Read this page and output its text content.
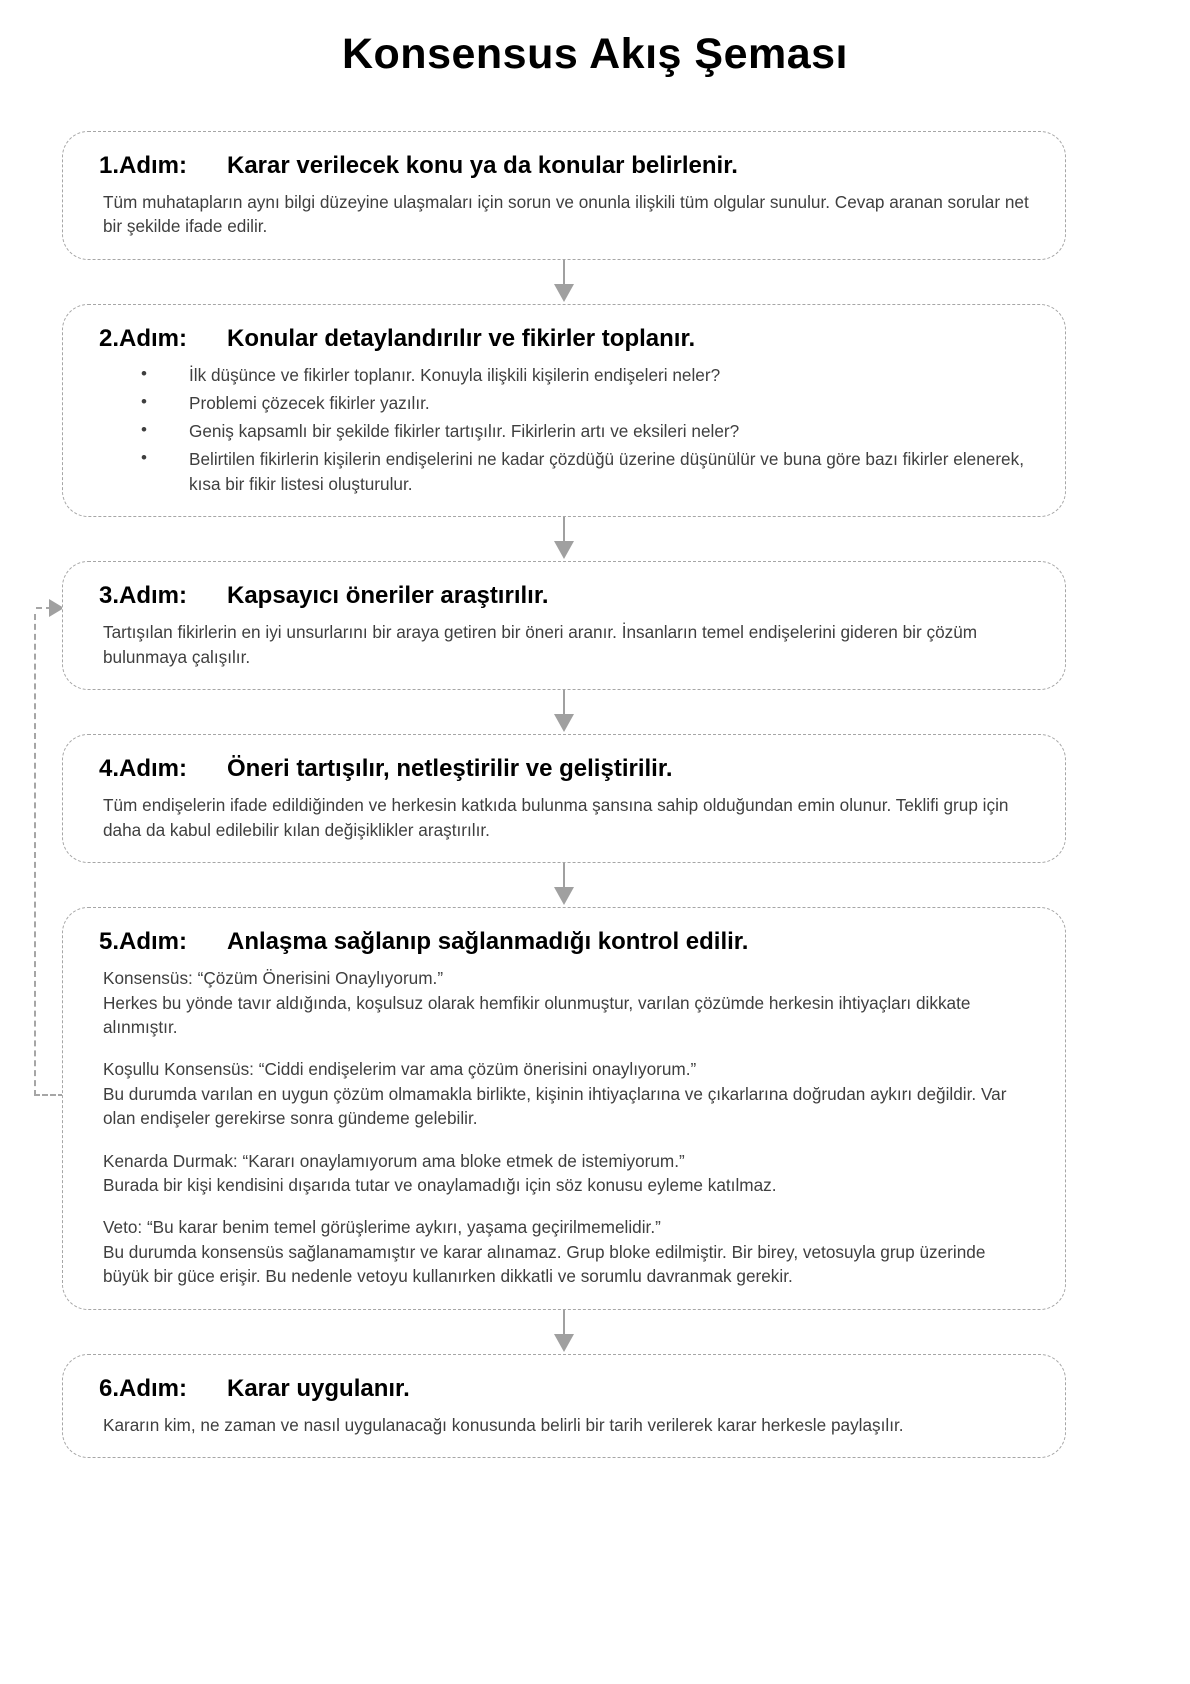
Konsensus Akış Şeması
1.Adım: Karar verilecek konu ya da konular belirlenir.

Tüm muhatapların aynı bilgi düzeyine ulaşmaları için sorun ve onunla ilişkili tüm olgular sunulur. Cevap aranan sorular net bir şekilde ifade edilir.

2.Adım: Konular detaylandırılır ve fikirler toplanır.
• İlk düşünce ve fikirler toplanır. Konuyla ilişkili kişilerin endişeleri neler?
• Problemi çözecek fikirler yazılır.
• Geniş kapsamlı bir şekilde fikirler tartışılır. Fikirlerin artı ve eksileri neler?
• Belirtilen fikirlerin kişilerin endişelerini ne kadar çözdüğü üzerine düşünülür ve buna göre bazı fikirler elenerek, kısa bir fikir listesi oluşturulur.
3.Adım: Kapsayıcı öneriler araştırılır.

Tartışılan fikirlerin en iyi unsurlarını bir araya getiren bir öneri aranır. İnsanların temel endişelerini gideren bir çözüm bulunmaya çalışılır.

4.Adım: Öneri tartışılır, netleştirilir ve geliştirilir.

Tüm endişelerin ifade edildiğinden ve herkesin katkıda bulunma şansına sahip olduğundan emin olunur. Teklifi grup için daha da kabul edilebilir kılan değişiklikler araştırılır.

5.Adım: Anlaşma sağlanıp sağlanmadığı kontrol edilir.

Konsensüs: “Çözüm Önerisini Onaylıyorum.”

Herkes bu yönde tavır aldığında, koşulsuz olarak hemfikir olunmuştur, varılan çözümde herkesin ihtiyaçları dikkate alınmıştır.

Koşullu Konsensüs: “Ciddi endişelerim var ama çözüm önerisini onaylıyorum.”

Bu durumda varılan en uygun çözüm olmamakla birlikte, kişinin ihtiyaçlarına ve çıkarlarına doğrudan aykırı değildir. Var olan endişeler gerekirse sonra gündeme gelebilir.

Kenarda Durmak: “Kararı onaylamıyorum ama bloke etmek de istemiyorum.”

Burada bir kişi kendisini dışarıda tutar ve onaylamadığı için söz konusu eyleme katılmaz.

Veto: “Bu karar benim temel görüşlerime aykırı, yaşama geçirilmemelidir.”

Bu durumda konsensüs sağlanamamıştır ve karar alınamaz. Grup bloke edilmiştir. Bir birey, vetosuyla grup üzerinde büyük bir güce erişir. Bu nedenle vetoyu kullanırken dikkatli ve sorumlu davranmak gerekir.

6.Adım: Karar uygulanır.

Kararın kim, ne zaman ve nasıl uygulanacağı konusunda belirli bir tarih verilerek karar herkesle paylaşılır.
